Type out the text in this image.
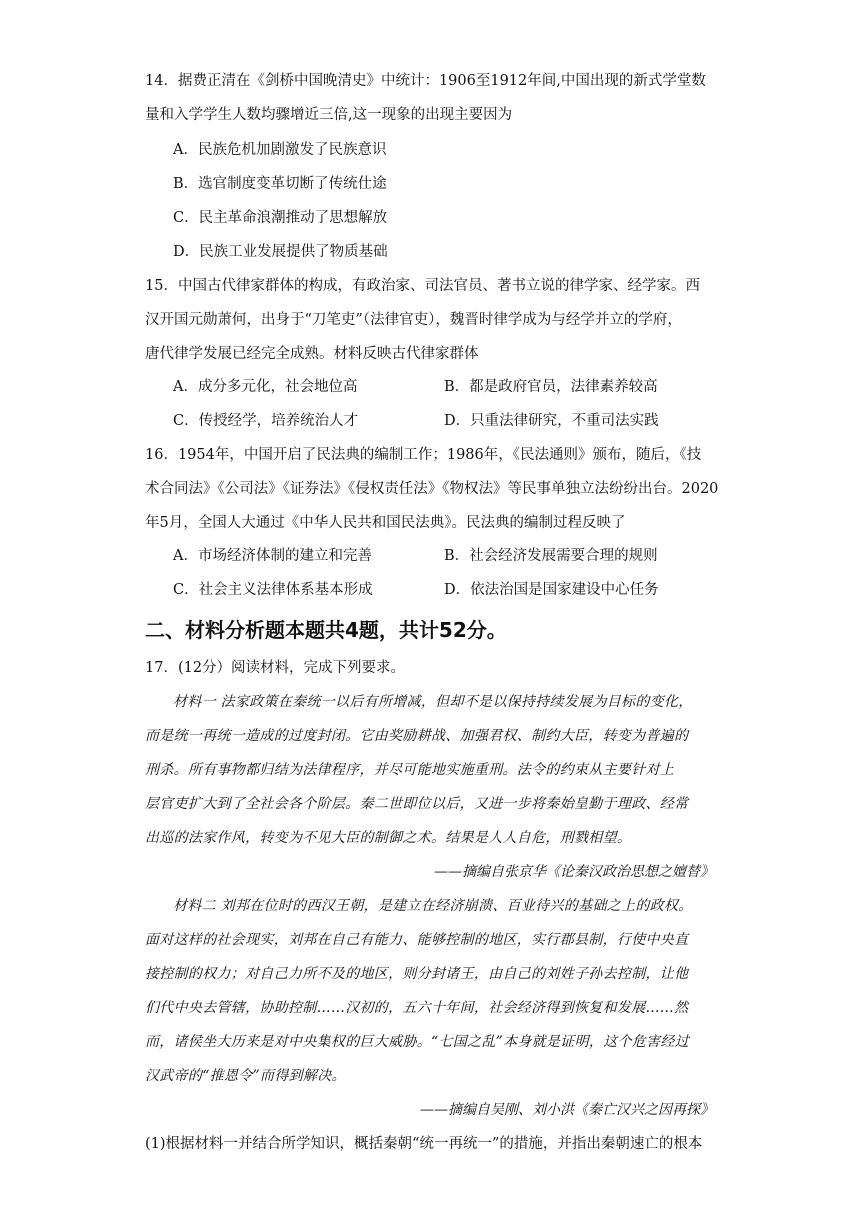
14．据费正清在《剑桥中国晚清史》中统计：1906至1912年间,中国出现的新式学堂数
量和入学学生人数均骤增近三倍,这一现象的出现主要因为
A．民族危机加剧激发了民族意识
B．选官制度变革切断了传统仕途
C．民主革命浪潮推动了思想解放
D．民族工业发展提供了物质基础
15．中国古代律家群体的构成，有政治家、司法官员、著书立说的律学家、经学家。西
汉开国元勋萧何，出身于“刀笔吏”（法律官吏），魏晋时律学成为与经学并立的学府，
唐代律学发展已经完全成熟。材料反映古代律家群体
A．成分多元化，社会地位高	B．都是政府官员，法律素养较高
C．传授经学，培养统治人才	D．只重法律研究，不重司法实践
16．1954年，中国开启了民法典的编制工作；1986年，《民法通则》颁布，随后，《技
术合同法》《公司法》《证券法》《侵权责任法》《物权法》等民事单独立法纷纷出台。2020
年5月，全国人大通过《中华人民共和国民法典》。民法典的编制过程反映了
A．市场经济体制的建立和完善	B．社会经济发展需要合理的规则
C．社会主义法律体系基本形成	D．依法治国是国家建设中心任务
二、材料分析题本题共4题，共计52分。
17．(12分）阅读材料，完成下列要求。
材料一 法家政策在秦统一以后有所增减，但却不是以保持持续发展为目标的变化，
而是统一再统一造成的过度封闭。它由奖励耕战、加强君权、制约大臣，转变为普遍的
刑杀。所有事物都归结为法律程序，并尽可能地实施重刑。法令的约束从主要针对上
层官吏扩大到了全社会各个阶层。秦二世即位以后，又进一步将秦始皇勤于理政、经常
出巡的法家作风，转变为不见大臣的制御之术。结果是人人自危，刑戮相望。
——摘编自张京华《论秦汉政治思想之嬗替》
材料二 刘邦在位时的西汉王朝，是建立在经济崩溃、百业待兴的基础之上的政权。
面对这样的社会现实，刘邦在自己有能力、能够控制的地区，实行郡县制，行使中央直
接控制的权力；对自己力所不及的地区，则分封诸王，由自己的刘姓子孙去控制，让他
们代中央去管辖，协助控制……汉初的，五六十年间，社会经济得到恢复和发展……然
而，诸侯坐大历来是对中央集权的巨大威胁。“七国之乱”本身就是证明，这个危害经过
汉武帝的“推恩令”而得到解决。
——摘编自吴刚、刘小洪《秦亡汉兴之因再探》
(1)根据材料一并结合所学知识，概括秦朝“统一再统一”的措施，并指出秦朝速亡的根本
